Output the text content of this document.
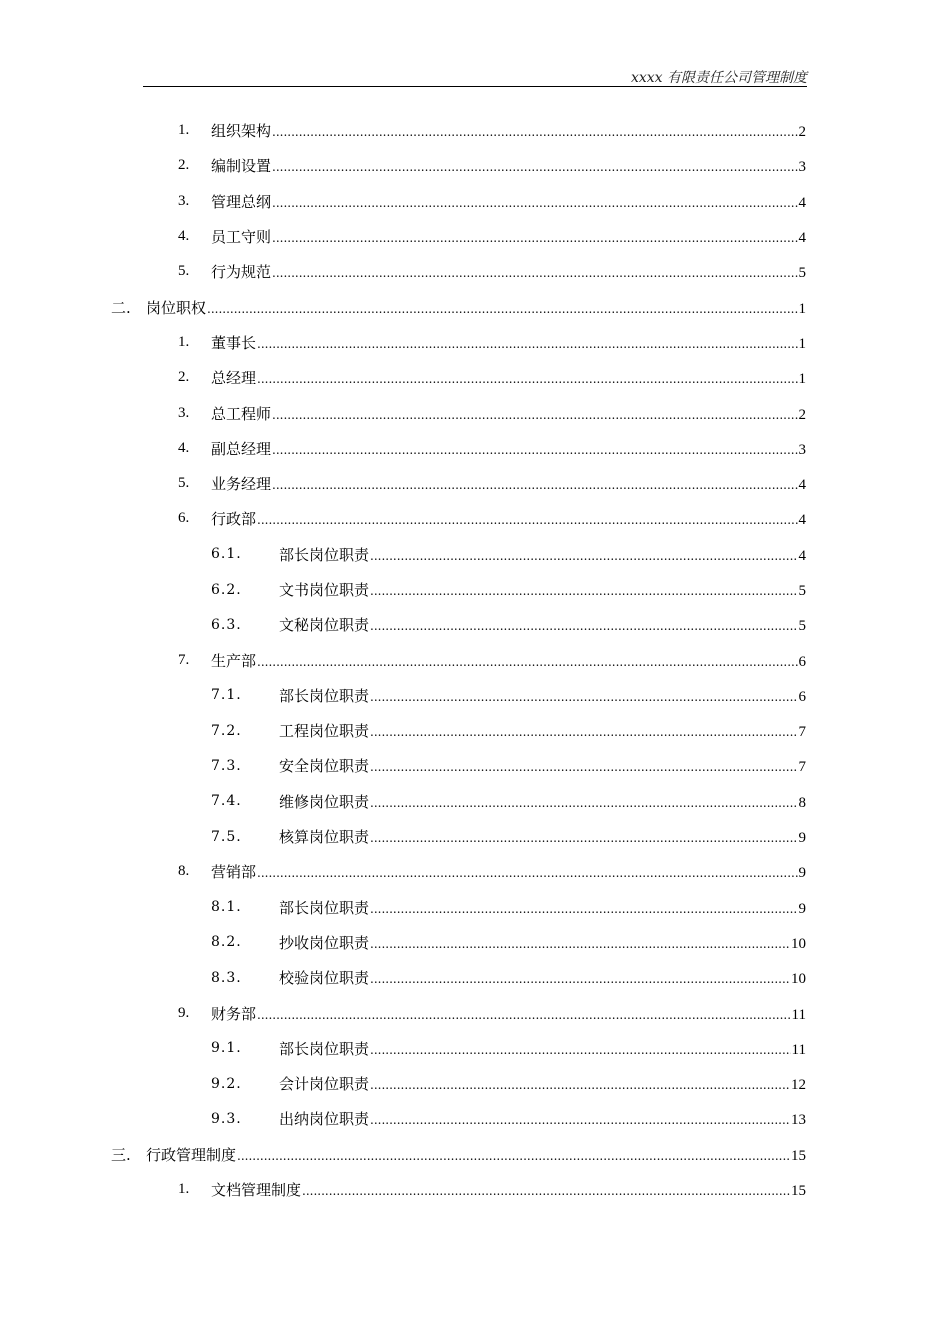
xxxx 有限责任公司管理制度
1. 组织架构 .....	2
2. 编制设置 .....	3
3. 管理总纲 .....	4
4. 员工守则 .....	4
5. 行为规范 .....	5
二. 岗位职权 .....	1
1. 董事长 .....	1
2. 总经理 .....	1
3. 总工程师 .....	2
4. 副总经理 .....	3
5. 业务经理 .....	4
6. 行政部 .....	4
6.1. 部长岗位职责 .....	4
6.2. 文书岗位职责 .....	5
6.3. 文秘岗位职责 .....	5
7. 生产部 .....	6
7.1. 部长岗位职责 .....	6
7.2. 工程岗位职责 .....	7
7.3. 安全岗位职责 .....	7
7.4. 维修岗位职责 .....	8
7.5. 核算岗位职责 .....	9
8. 营销部 .....	9
8.1. 部长岗位职责 .....	9
8.2. 抄收岗位职责 .....	10
8.3. 校验岗位职责 .....	10
9. 财务部 .....	11
9.1. 部长岗位职责 .....	11
9.2. 会计岗位职责 .....	12
9.3. 出纳岗位职责 .....	13
三. 行政管理制度 .....	15
1. 文档管理制度 .....	15
